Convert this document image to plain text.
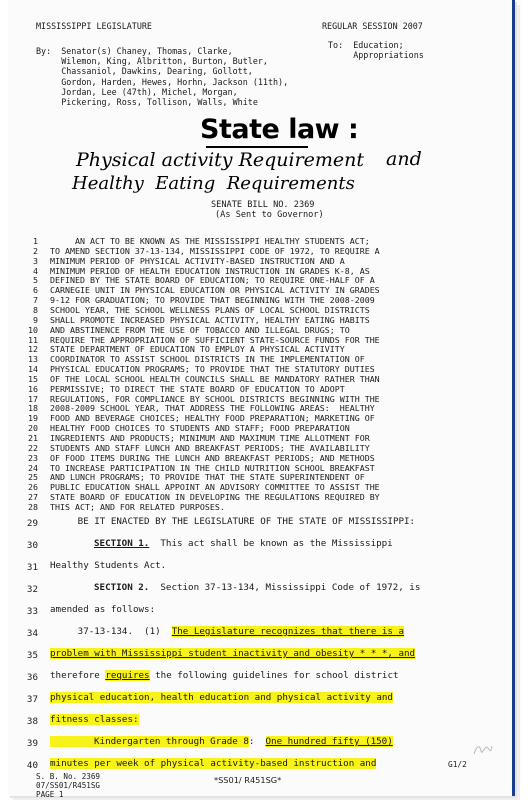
MISSISSIPPI LEGISLATURE	REGULAR SESSION 2007
By:  Senator(s) Chaney, Thomas, Clarke,
Wilemon, King, Albritton, Burton, Butler,
Chassaniol, Dawkins, Dearing, Gollott,
Gordon, Harden, Hewes, Horhn, Jackson (11th),
Jordan, Lee (47th), Michel, Morgan,
Pickering, Ross, Tollison, Walls, White
To:  Education;
Appropriations
State law :
Physical activity Requirement and
Healthy  Eating  Requirements
SENATE BILL NO. 2369
(As Sent to Governor)
1 AN ACT TO BE KNOWN AS THE MISSISSIPPI HEALTHY STUDENTS ACT;
2 TO AMEND SECTION 37-13-134, MISSISSIPPI CODE OF 1972, TO REQUIRE A
3 MINIMUM PERIOD OF PHYSICAL ACTIVITY-BASED INSTRUCTION AND A
4 MINIMUM PERIOD OF HEALTH EDUCATION INSTRUCTION IN GRADES K-8, AS
5 DEFINED BY THE STATE BOARD OF EDUCATION; TO REQUIRE ONE-HALF OF A
6 CARNEGIE UNIT IN PHYSICAL EDUCATION OR PHYSICAL ACTIVITY IN GRADES
7 9-12 FOR GRADUATION; TO PROVIDE THAT BEGINNING WITH THE 2008-2009
8 SCHOOL YEAR, THE SCHOOL WELLNESS PLANS OF LOCAL SCHOOL DISTRICTS
9 SHALL PROMOTE INCREASED PHYSICAL ACTIVITY, HEALTHY EATING HABITS
10 AND ABSTINENCE FROM THE USE OF TOBACCO AND ILLEGAL DRUGS; TO
11 REQUIRE THE APPROPRIATION OF SUFFICIENT STATE-SOURCE FUNDS FOR THE
12 STATE DEPARTMENT OF EDUCATION TO EMPLOY A PHYSICAL ACTIVITY
13 COORDINATOR TO ASSIST SCHOOL DISTRICTS IN THE IMPLEMENTATION OF
14 PHYSICAL EDUCATION PROGRAMS; TO PROVIDE THAT THE STATUTORY DUTIES
15 OF THE LOCAL SCHOOL HEALTH COUNCILS SHALL BE MANDATORY RATHER THAN
16 PERMISSIVE; TO DIRECT THE STATE BOARD OF EDUCATION TO ADOPT
17 REGULATIONS, FOR COMPLIANCE BY SCHOOL DISTRICTS BEGINNING WITH THE
18 2008-2009 SCHOOL YEAR, THAT ADDRESS THE FOLLOWING AREAS:  HEALTHY
19 FOOD AND BEVERAGE CHOICES; HEALTHY FOOD PREPARATION; MARKETING OF
20 HEALTHY FOOD CHOICES TO STUDENTS AND STAFF; FOOD PREPARATION
21 INGREDIENTS AND PRODUCTS; MINIMUM AND MAXIMUM TIME ALLOTMENT FOR
22 STUDENTS AND STAFF LUNCH AND BREAKFAST PERIODS; THE AVAILABILITY
23 OF FOOD ITEMS DURING THE LUNCH AND BREAKFAST PERIODS; AND METHODS
24 TO INCREASE PARTICIPATION IN THE CHILD NUTRITION SCHOOL BREAKFAST
25 AND LUNCH PROGRAMS; TO PROVIDE THAT THE STATE SUPERINTENDENT OF
26 PUBLIC EDUCATION SHALL APPOINT AN ADVISORY COMMITTEE TO ASSIST THE
27 STATE BOARD OF EDUCATION IN DEVELOPING THE REGULATIONS REQUIRED BY
28 THIS ACT; AND FOR RELATED PURPOSES.
29 BE IT ENACTED BY THE LEGISLATURE OF THE STATE OF MISSISSIPPI:
30	SECTION 1.  This act shall be known as the Mississippi
31 Healthy Students Act.
32	SECTION 2.  Section 37-13-134, Mississippi Code of 1972, is
33 amended as follows:
34 37-13-134.  (1)  The Legislature recognizes that there is a
35 problem with Mississippi student inactivity and obesity * * *, and
36 therefore requires the following guidelines for school district
37 physical education, health education and physical activity and
38 fitness classes:
39	Kindergarten through Grade 8:  One hundred fifty (150)
40 minutes per week of physical activity-based instruction and
S. B. No. 2369
07/SS01/R451SG
PAGE 1
*SS01/ R451SG*
G1/2
